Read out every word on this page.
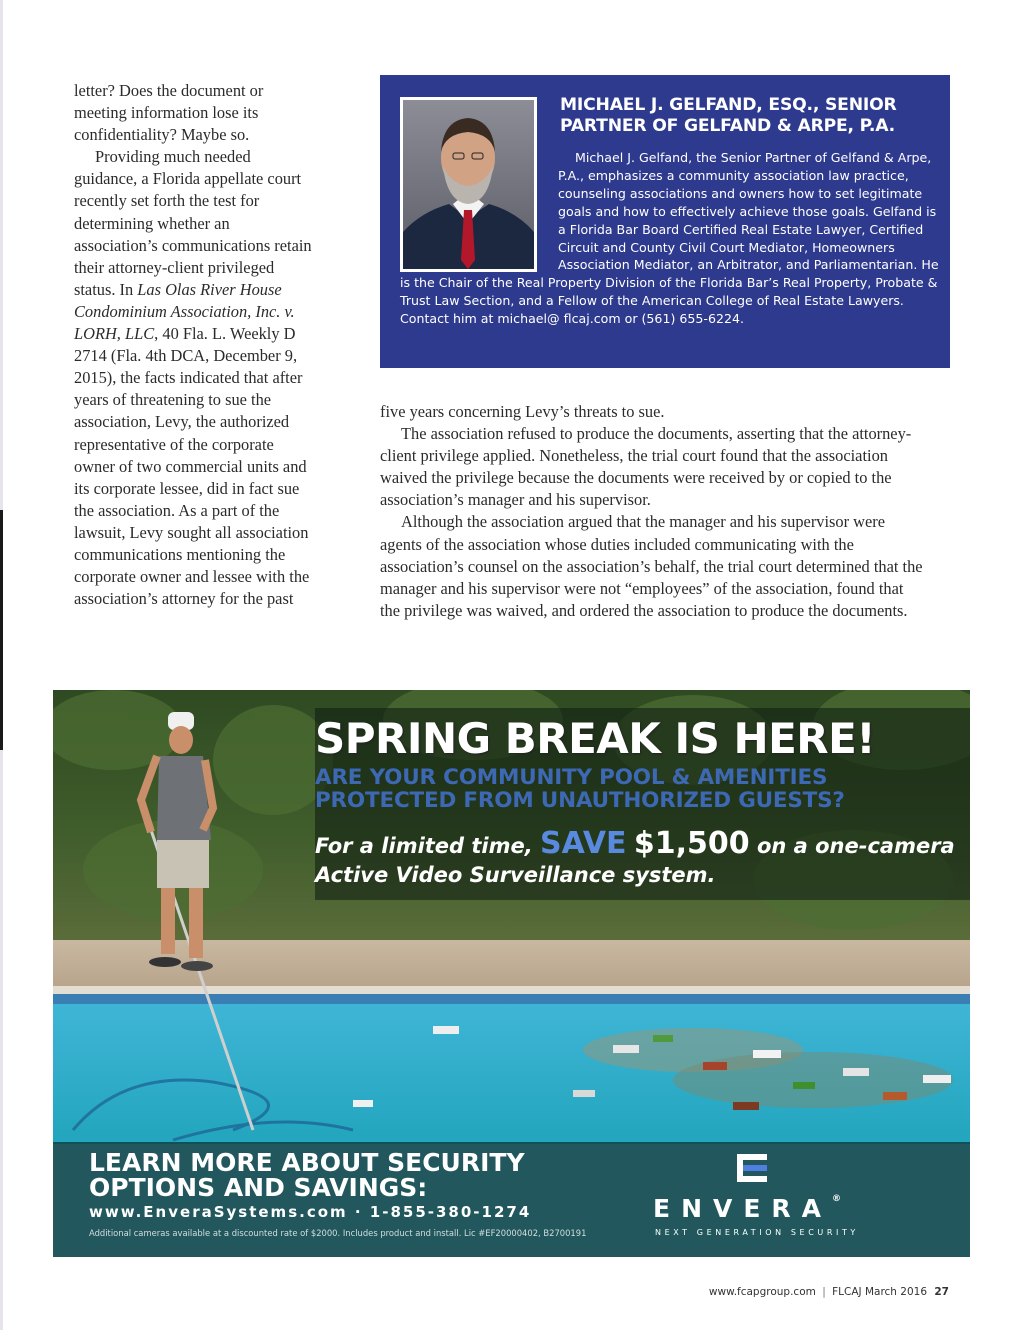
letter? Does the document or meeting information lose its confidentiality? Maybe so.

Providing much needed guidance, a Florida appellate court recently set forth the test for determining whether an association’s communications retain their attorney-client privileged status. In Las Olas River House Condominium Association, Inc. v. LORH, LLC, 40 Fla. L. Weekly D 2714 (Fla. 4th DCA, December 9, 2015), the facts indicated that after years of threatening to sue the association, Levy, the authorized representative of the corporate owner of two commercial units and its corporate lessee, did in fact sue the association. As a part of the lawsuit, Levy sought all association communications mentioning the corporate owner and lessee with the association’s attorney for the past

MICHAEL J. GELFAND, ESQ., SENIOR PARTNER OF GELFAND & ARPE, P.A.

Michael J. Gelfand, the Senior Partner of Gelfand & Arpe, P.A., emphasizes a community association law practice, counseling associations and owners how to set legitimate goals and how to effectively achieve those goals. Gelfand is a Florida Bar Board Certified Real Estate Lawyer, Certified Circuit and County Civil Court Mediator, Homeowners Association Mediator, an Arbitrator, and Parliamentarian. He is the Chair of the Real Property Division of the Florida Bar’s Real Property, Probate & Trust Law Section, and a Fellow of the American College of Real Estate Lawyers. Contact him at michael@ flcaj.com or (561) 655-6224.

five years concerning Levy’s threats to sue.

The association refused to produce the documents, asserting that the attorney-client privilege applied. Nonetheless, the trial court found that the association waived the privilege because the documents were received by or copied to the association’s manager and his supervisor.

Although the association argued that the manager and his supervisor were agents of the association whose duties included communicating with the association’s counsel on the association’s behalf, the trial court determined that the manager and his supervisor were not “employees” of the association, found that the privilege was waived, and ordered the association to produce the documents.

SPRING BREAK IS HERE!
ARE YOUR COMMUNITY POOL & AMENITIES
PROTECTED FROM UNAUTHORIZED GUESTS?
For a limited time, SAVE $1,500 on a one-camera
Active Video Surveillance system.
LEARN MORE ABOUT SECURITY
OPTIONS AND SAVINGS:
www.EnveraSystems.com · 1-855-380-1274
Additional cameras available at a discounted rate of $2000. Includes product and install. Lic #EF20000402, B2700191
ENVERA®
NEXT GENERATION SECURITY
www.fcapgroup.com | FLCAJ March 2016 27
